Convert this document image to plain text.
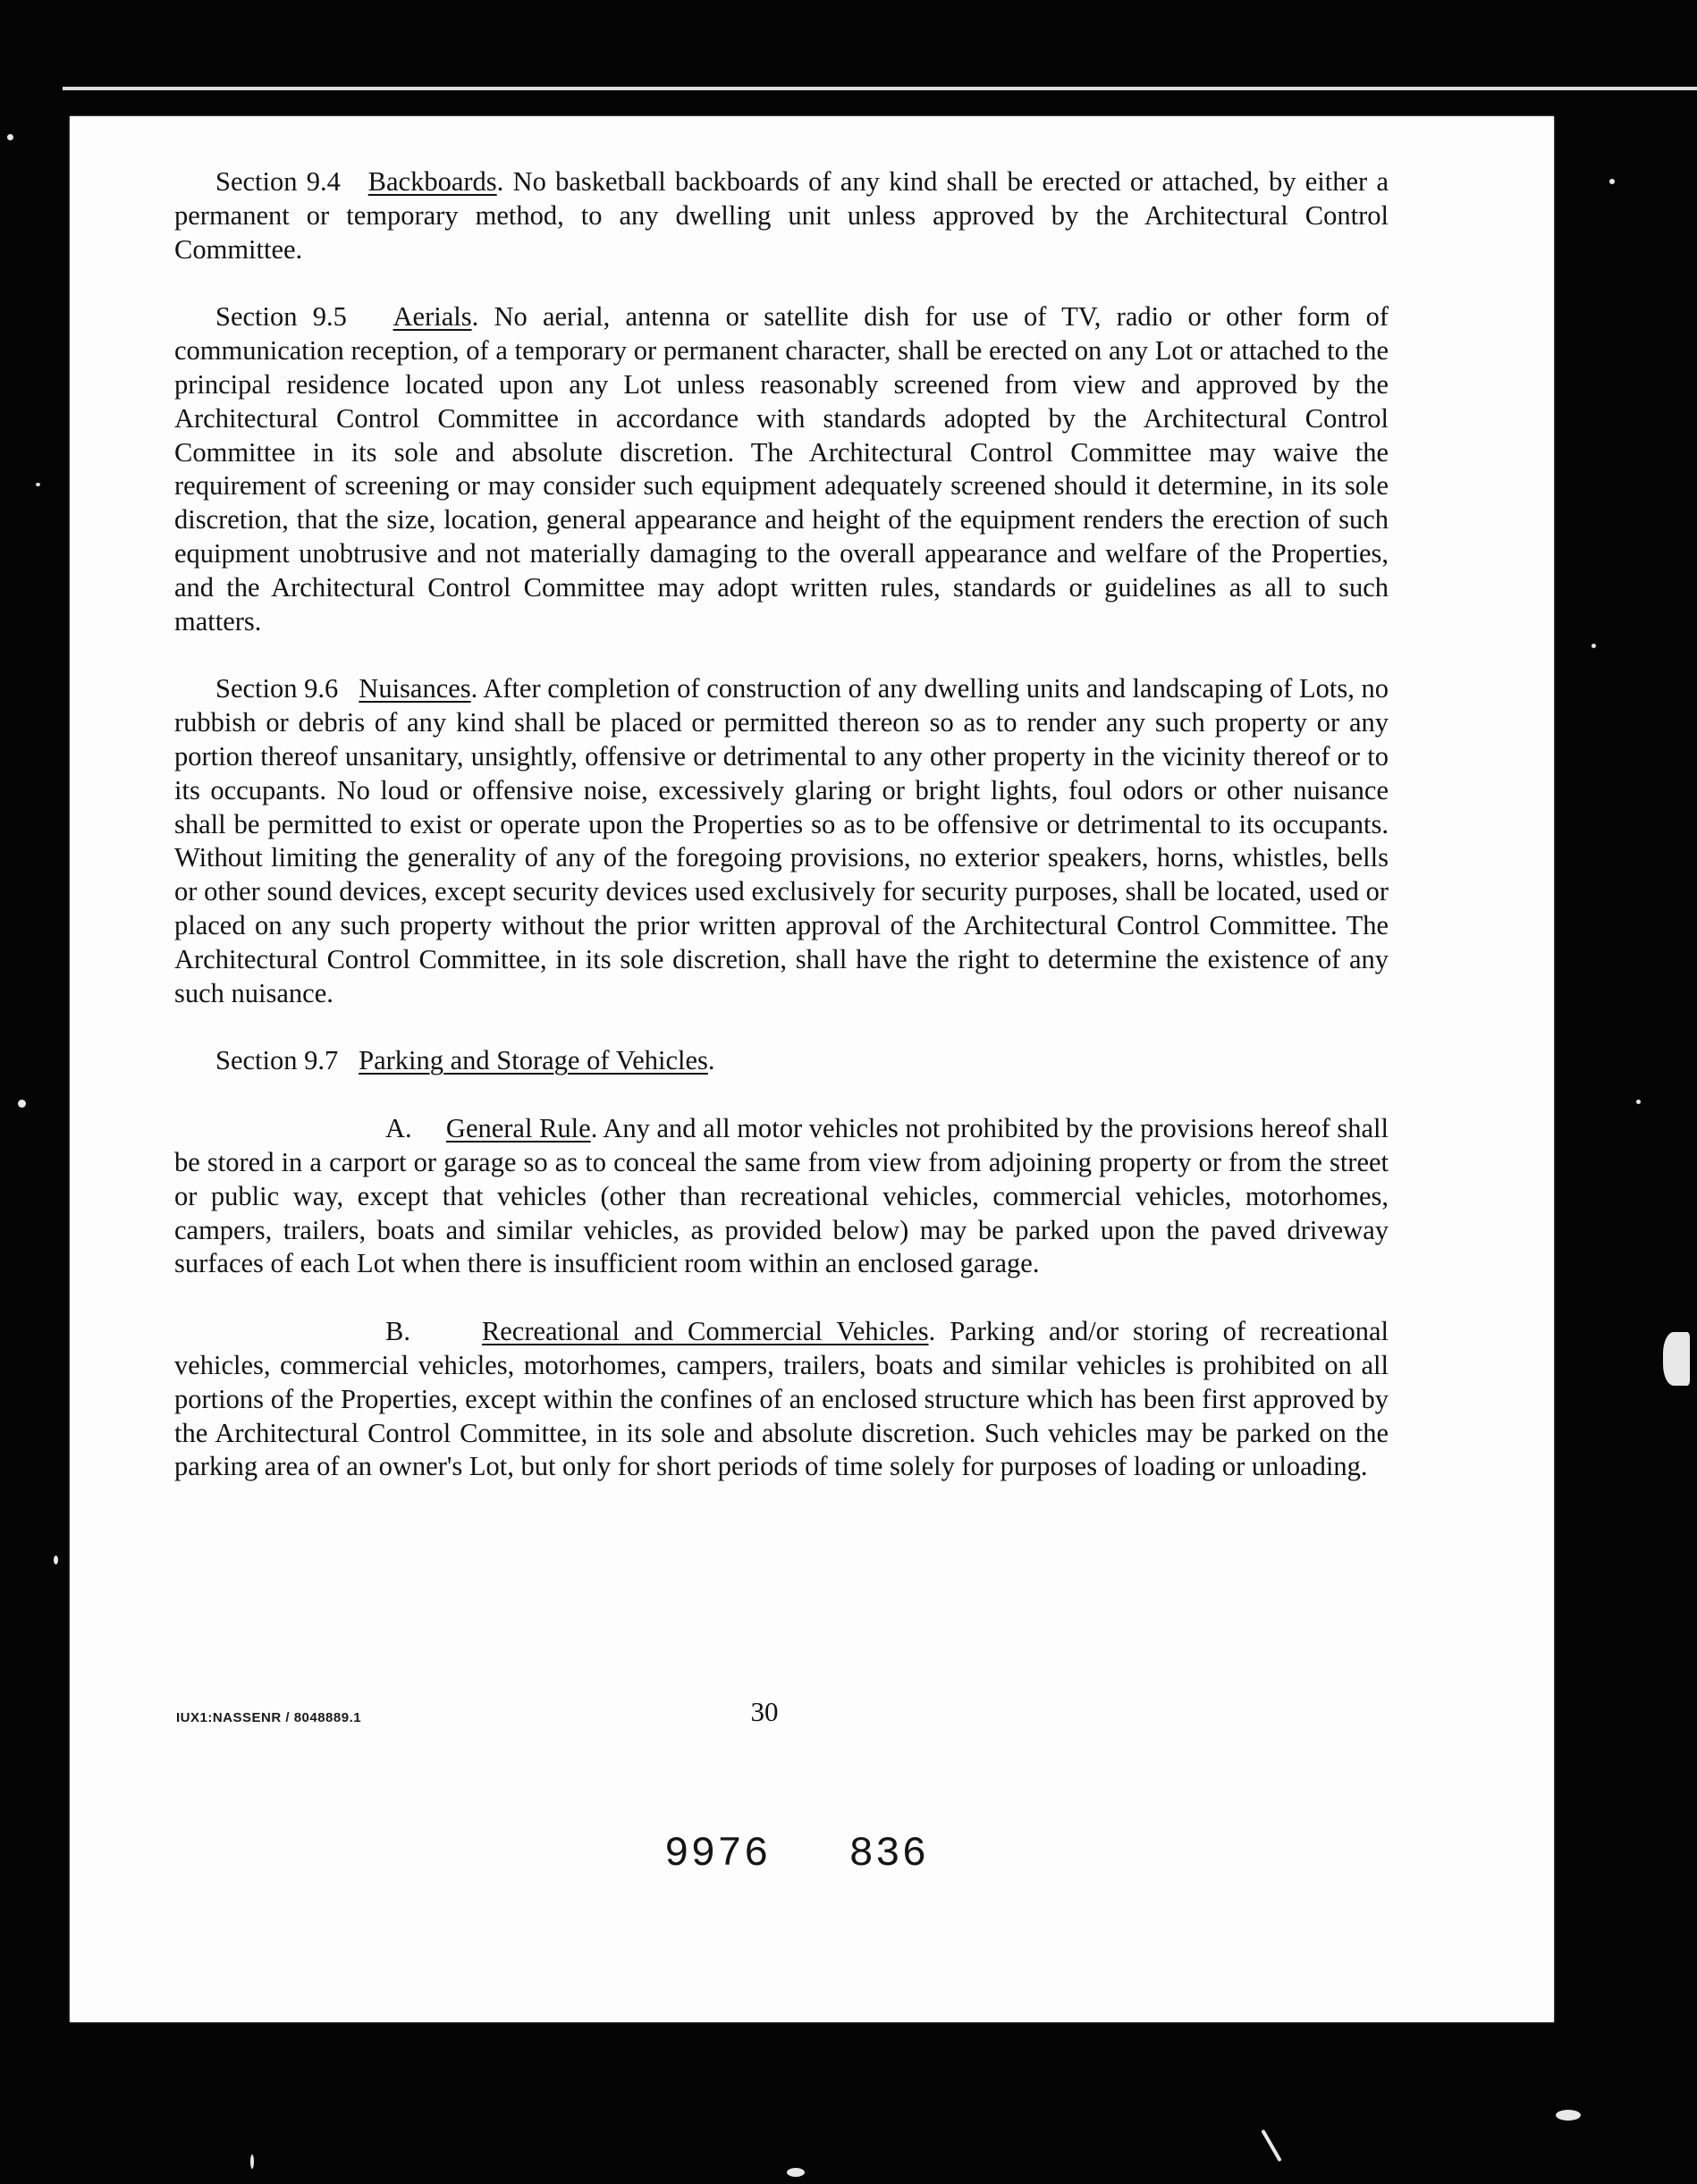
Section 9.4 Backboards. No basketball backboards of any kind shall be erected or attached, by either a permanent or temporary method, to any dwelling unit unless approved by the Architectural Control Committee.

Section 9.5 Aerials. No aerial, antenna or satellite dish for use of TV, radio or other form of communication reception, of a temporary or permanent character, shall be erected on any Lot or attached to the principal residence located upon any Lot unless reasonably screened from view and approved by the Architectural Control Committee in accordance with standards adopted by the Architectural Control Committee in its sole and absolute discretion. The Architectural Control Committee may waive the requirement of screening or may consider such equipment adequately screened should it determine, in its sole discretion, that the size, location, general appearance and height of the equipment renders the erection of such equipment unobtrusive and not materially damaging to the overall appearance and welfare of the Properties, and the Architectural Control Committee may adopt written rules, standards or guidelines as all to such matters.

Section 9.6 Nuisances. After completion of construction of any dwelling units and landscaping of Lots, no rubbish or debris of any kind shall be placed or permitted thereon so as to render any such property or any portion thereof unsanitary, unsightly, offensive or detrimental to any other property in the vicinity thereof or to its occupants. No loud or offensive noise, excessively glaring or bright lights, foul odors or other nuisance shall be permitted to exist or operate upon the Properties so as to be offensive or detrimental to its occupants. Without limiting the generality of any of the foregoing provisions, no exterior speakers, horns, whistles, bells or other sound devices, except security devices used exclusively for security purposes, shall be located, used or placed on any such property without the prior written approval of the Architectural Control Committee. The Architectural Control Committee, in its sole discretion, shall have the right to determine the existence of any such nuisance.

Section 9.7 Parking and Storage of Vehicles.

A. General Rule. Any and all motor vehicles not prohibited by the provisions hereof shall be stored in a carport or garage so as to conceal the same from view from adjoining property or from the street or public way, except that vehicles (other than recreational vehicles, commercial vehicles, motorhomes, campers, trailers, boats and similar vehicles, as provided below) may be parked upon the paved driveway surfaces of each Lot when there is insufficient room within an enclosed garage.

B.	Recreational and Commercial Vehicles. Parking and/or storing of recreational vehicles, commercial vehicles, motorhomes, campers, trailers, boats and similar vehicles is prohibited on all portions of the Properties, except within the confines of an enclosed structure which has been first approved by the Architectural Control Committee, in its sole and absolute discretion. Such vehicles may be parked on the parking area of an owner's Lot, but only for short periods of time solely for purposes of loading or unloading.

IUX1:NASSENR / 8048889.1	30
9976 836
